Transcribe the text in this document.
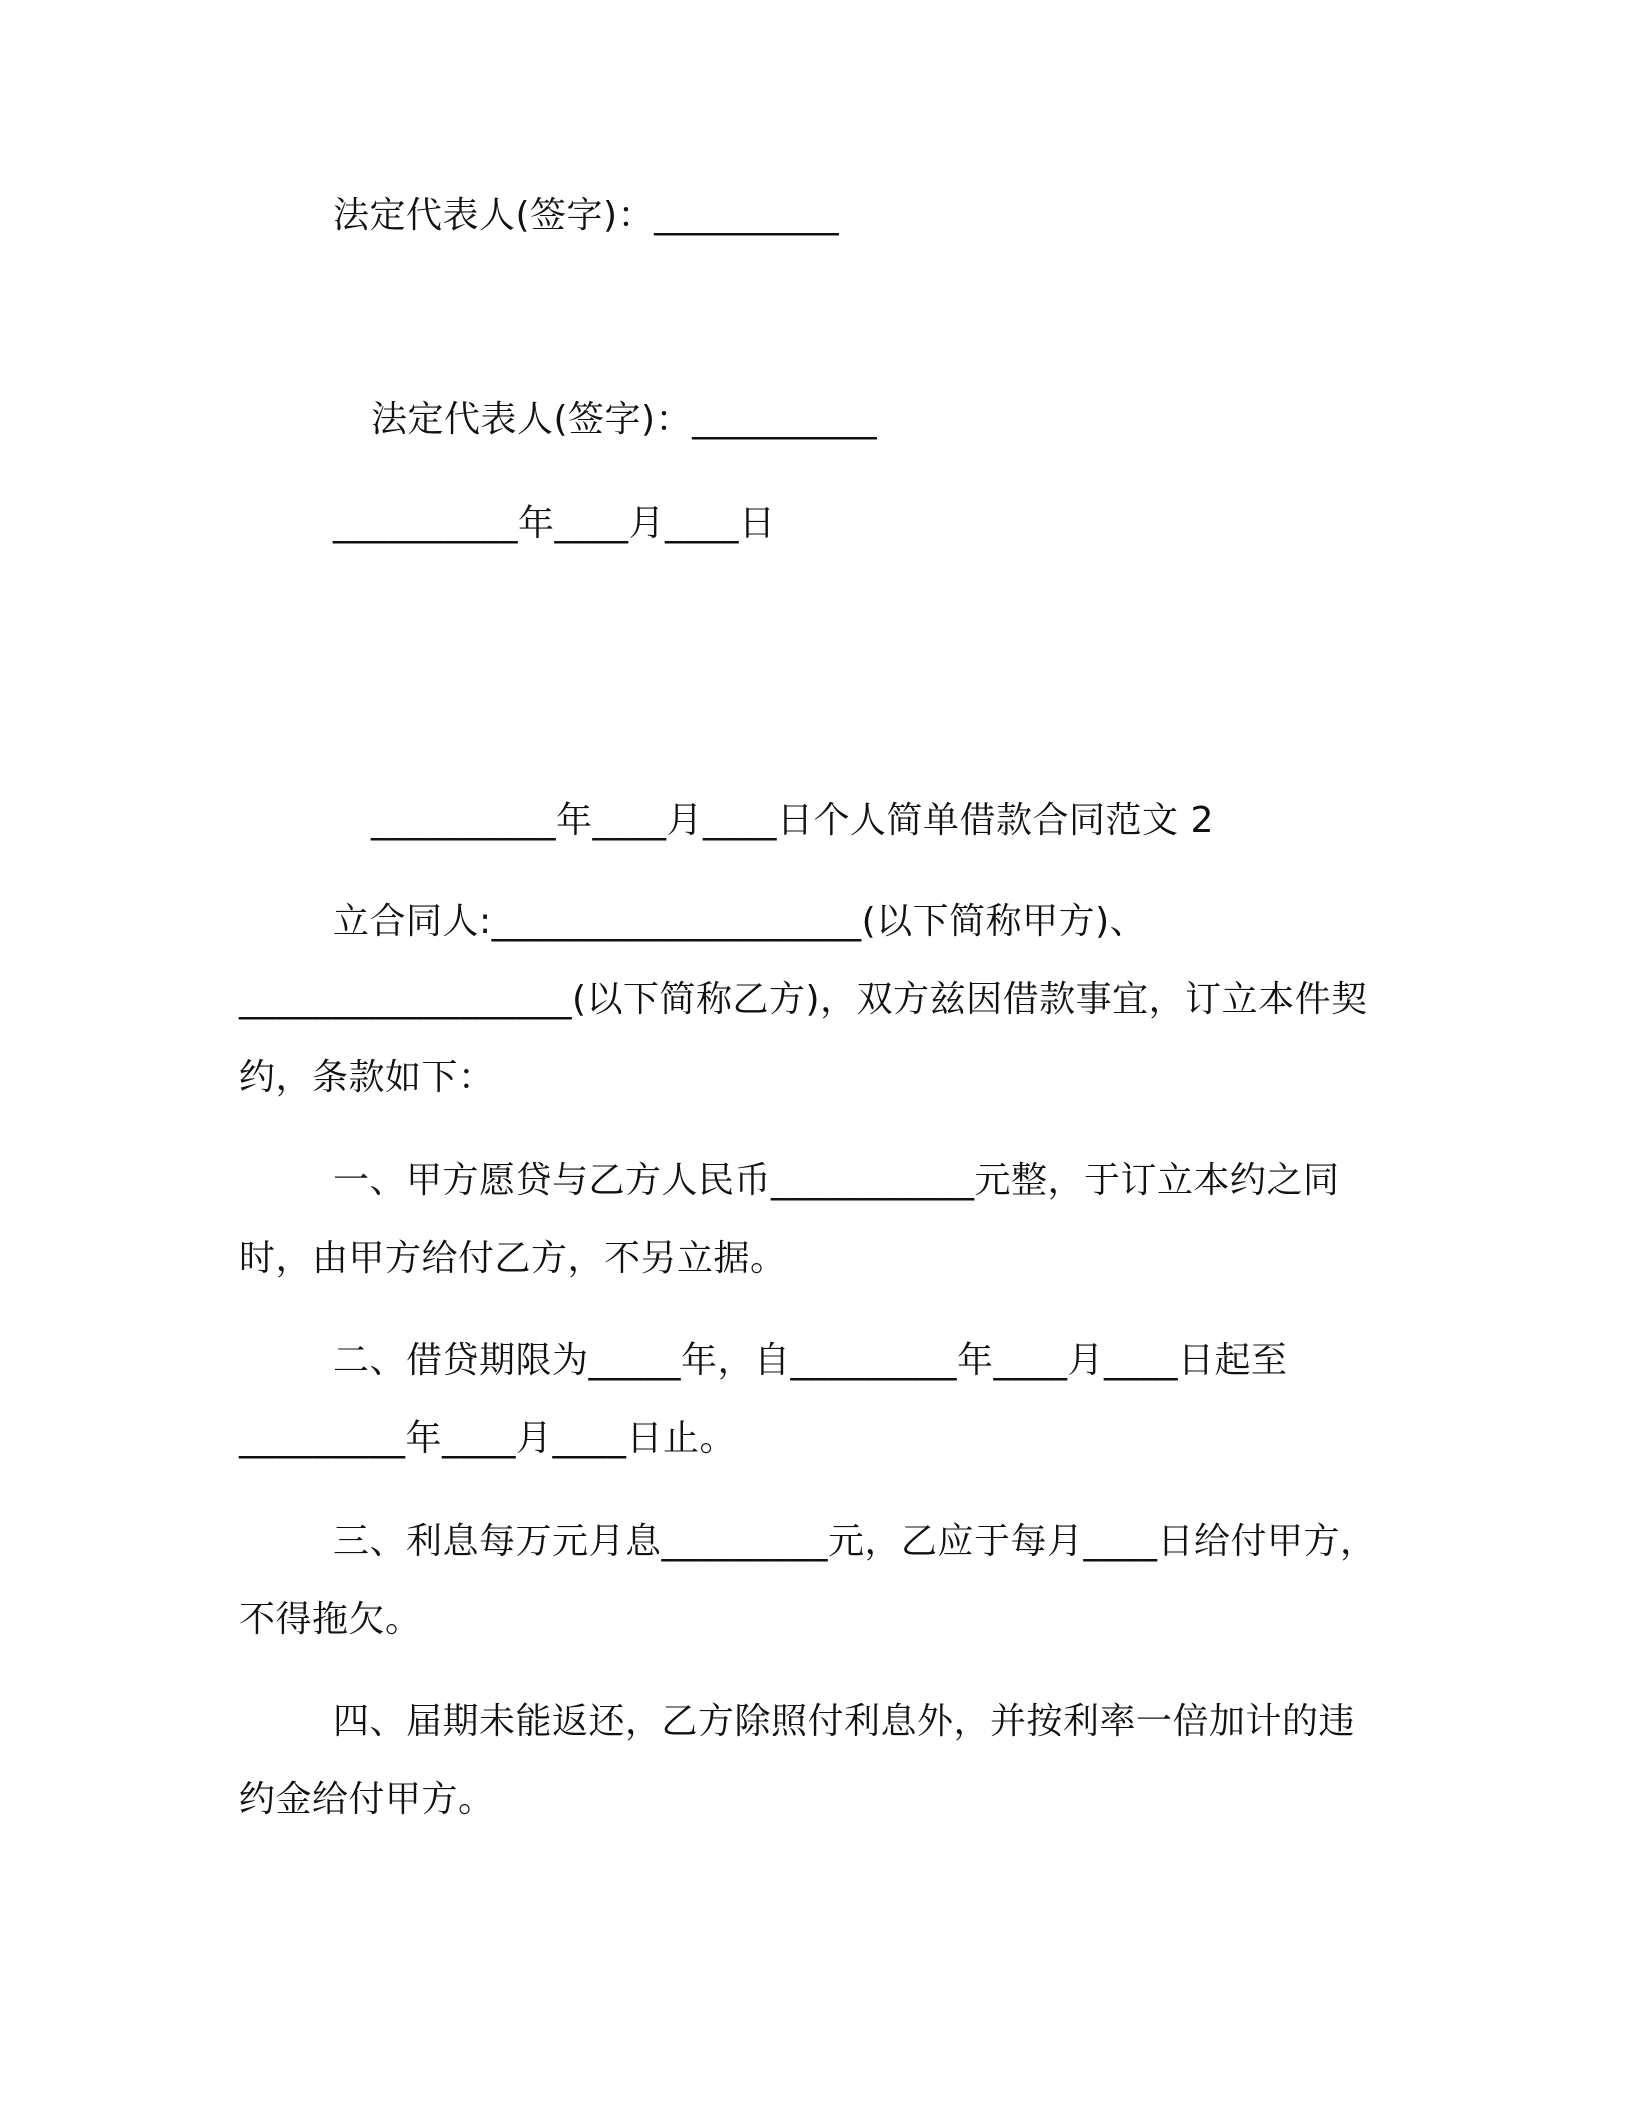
法定代表人(签字)：__________
法定代表人(签字)：__________
__________年____月____日
__________年____月____日个人简单借款合同范文 2
立合同人:____________________(以下简称甲方)、
__________________(以下简称乙方)，双方兹因借款事宜，订立本件契
约，条款如下：
一、甲方愿贷与乙方人民币___________元整，于订立本约之同
时，由甲方给付乙方，不另立据。
二、借贷期限为_____年，自_________年____月____日起至
_________年____月____日止。
三、利息每万元月息_________元，乙应于每月____日给付甲方，
不得拖欠。
四、届期未能返还，乙方除照付利息外，并按利率一倍加计的违
约金给付甲方。
